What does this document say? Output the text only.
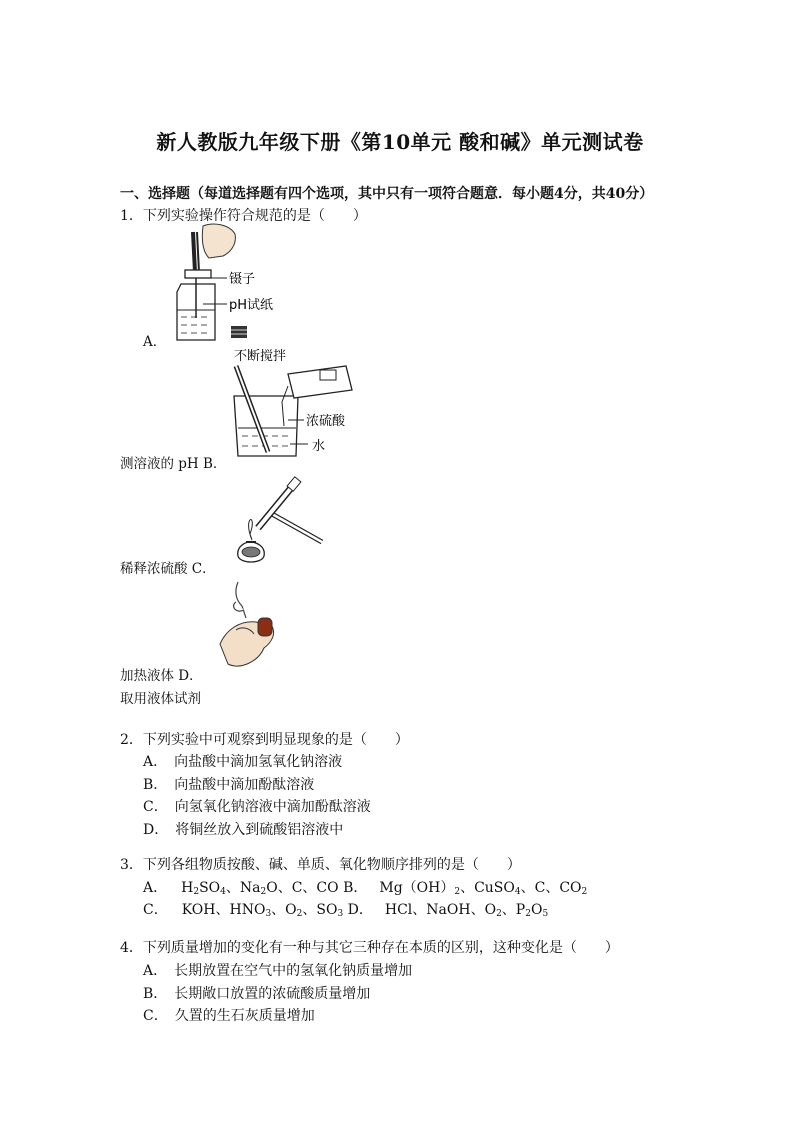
新人教版九年级下册《第10单元 酸和碱》单元测试卷
一、选择题（每道选择题有四个选项，其中只有一项符合题意．每小题4分，共40分）
1．下列实验操作符合规范的是（　　）
镊子
pH试纸
A．
不断搅拌
浓硫酸
水
测溶液的 pH B．
稀释浓硫酸 C．
加热液体 D．
取用液体试剂
2．下列实验中可观察到明显现象的是（　　）
A．　向盐酸中滴加氢氧化钠溶液
B．　向盐酸中滴加酚酞溶液
C．　向氢氧化钠溶液中滴加酚酞溶液
D．　将铜丝放入到硫酸铝溶液中
3．下列各组物质按酸、碱、单质、氧化物顺序排列的是（　　）
A． $H_2SO_4$、$Na_2O$、C、CO B． $Mg(OH)_2$、CuSO$_4$、C、$CO_2$
C． KOH、$HNO_3$、$O_2$、$SO_3$ D． HCl、NaOH、$O_2$、$P_2O_5$
4．下列质量增加的变化有一种与其它三种存在本质的区别，这种变化是（　　）
A．　长期放置在空气中的氢氧化钠质量增加
B．　长期敞口放置的浓硫酸质量增加
C．　久置的生石灰质量增加
